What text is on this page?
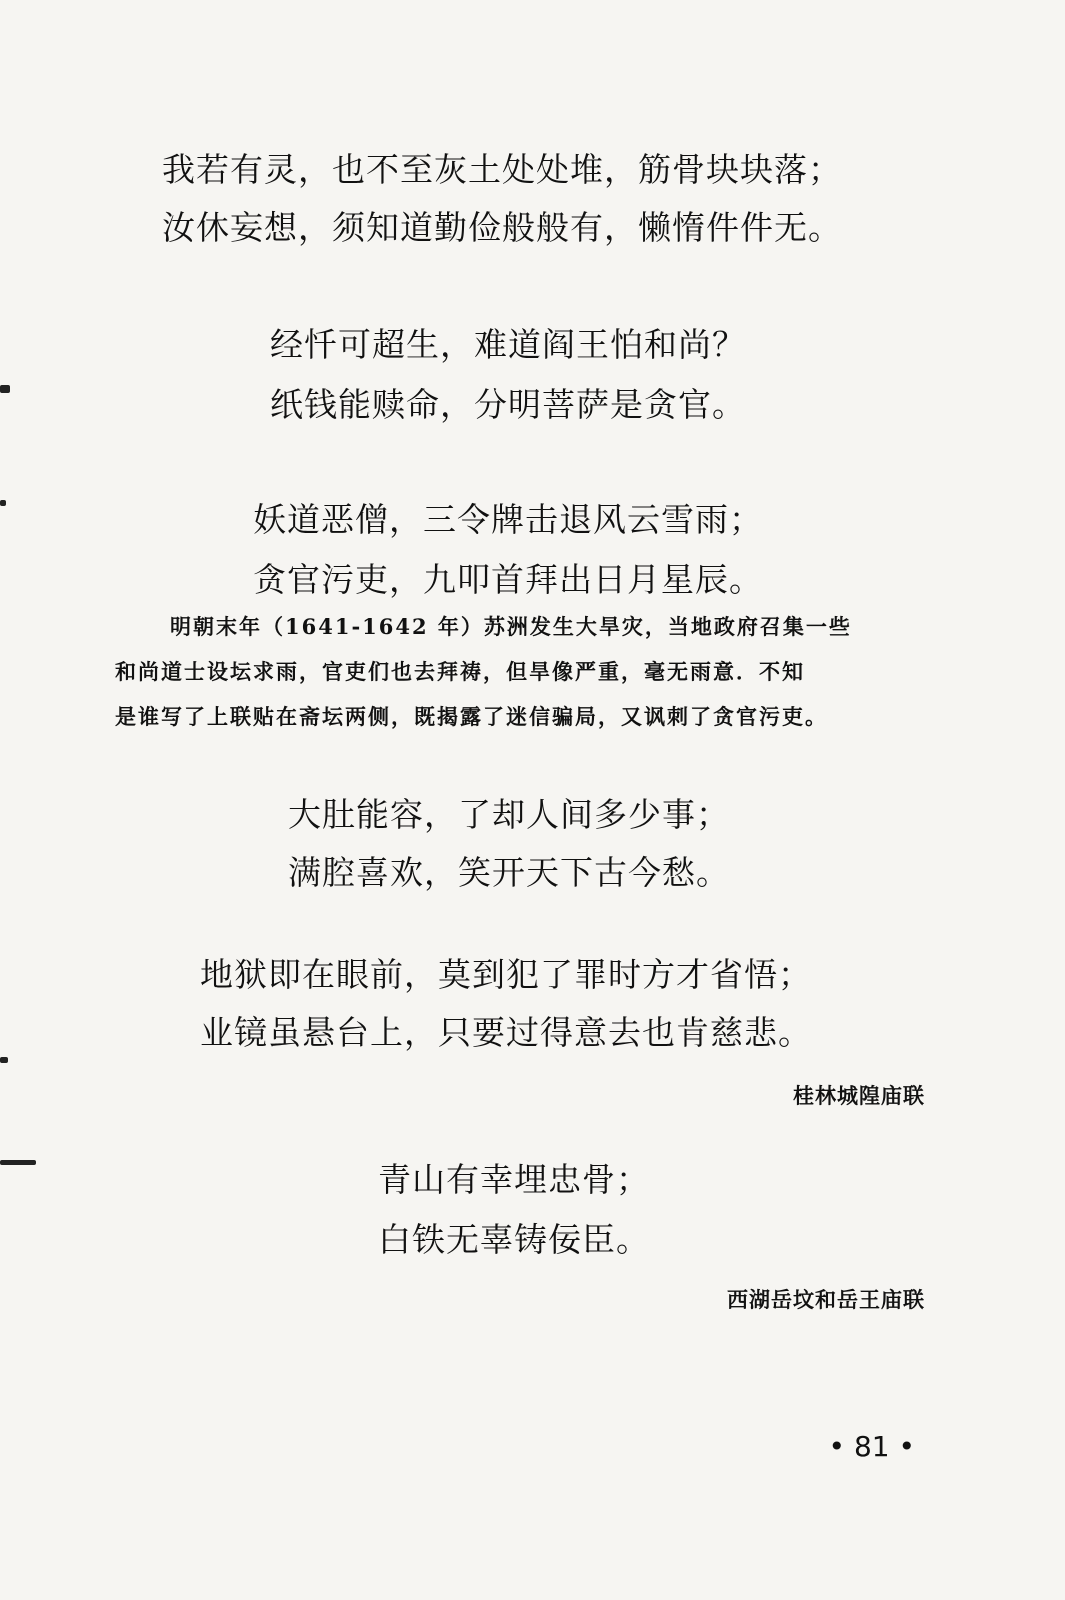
我若有灵，也不至灰土处处堆，筋骨块块落；
汝休妄想，须知道勤俭般般有，懒惰件件无。
经忏可超生，难道阎王怕和尚？
纸钱能赎命，分明菩萨是贪官。
妖道恶僧，三令牌击退风云雪雨；
贪官污吏，九叩首拜出日月星辰。
明朝末年（1641-1642 年）苏洲发生大旱灾，当地政府召集一些
和尚道士设坛求雨，官吏们也去拜祷，但旱像严重，毫无雨意．不知
是谁写了上联贴在斋坛两侧，既揭露了迷信骗局，又讽刺了贪官污吏。
大肚能容，了却人间多少事；
满腔喜欢，笑开天下古今愁。
地狱即在眼前，莫到犯了罪时方才省悟；
业镜虽悬台上，只要过得意去也肯慈悲。
桂林城隍庙联
青山有幸埋忠骨；
白铁无辜铸佞臣。
西湖岳坟和岳王庙联
• 81 •
